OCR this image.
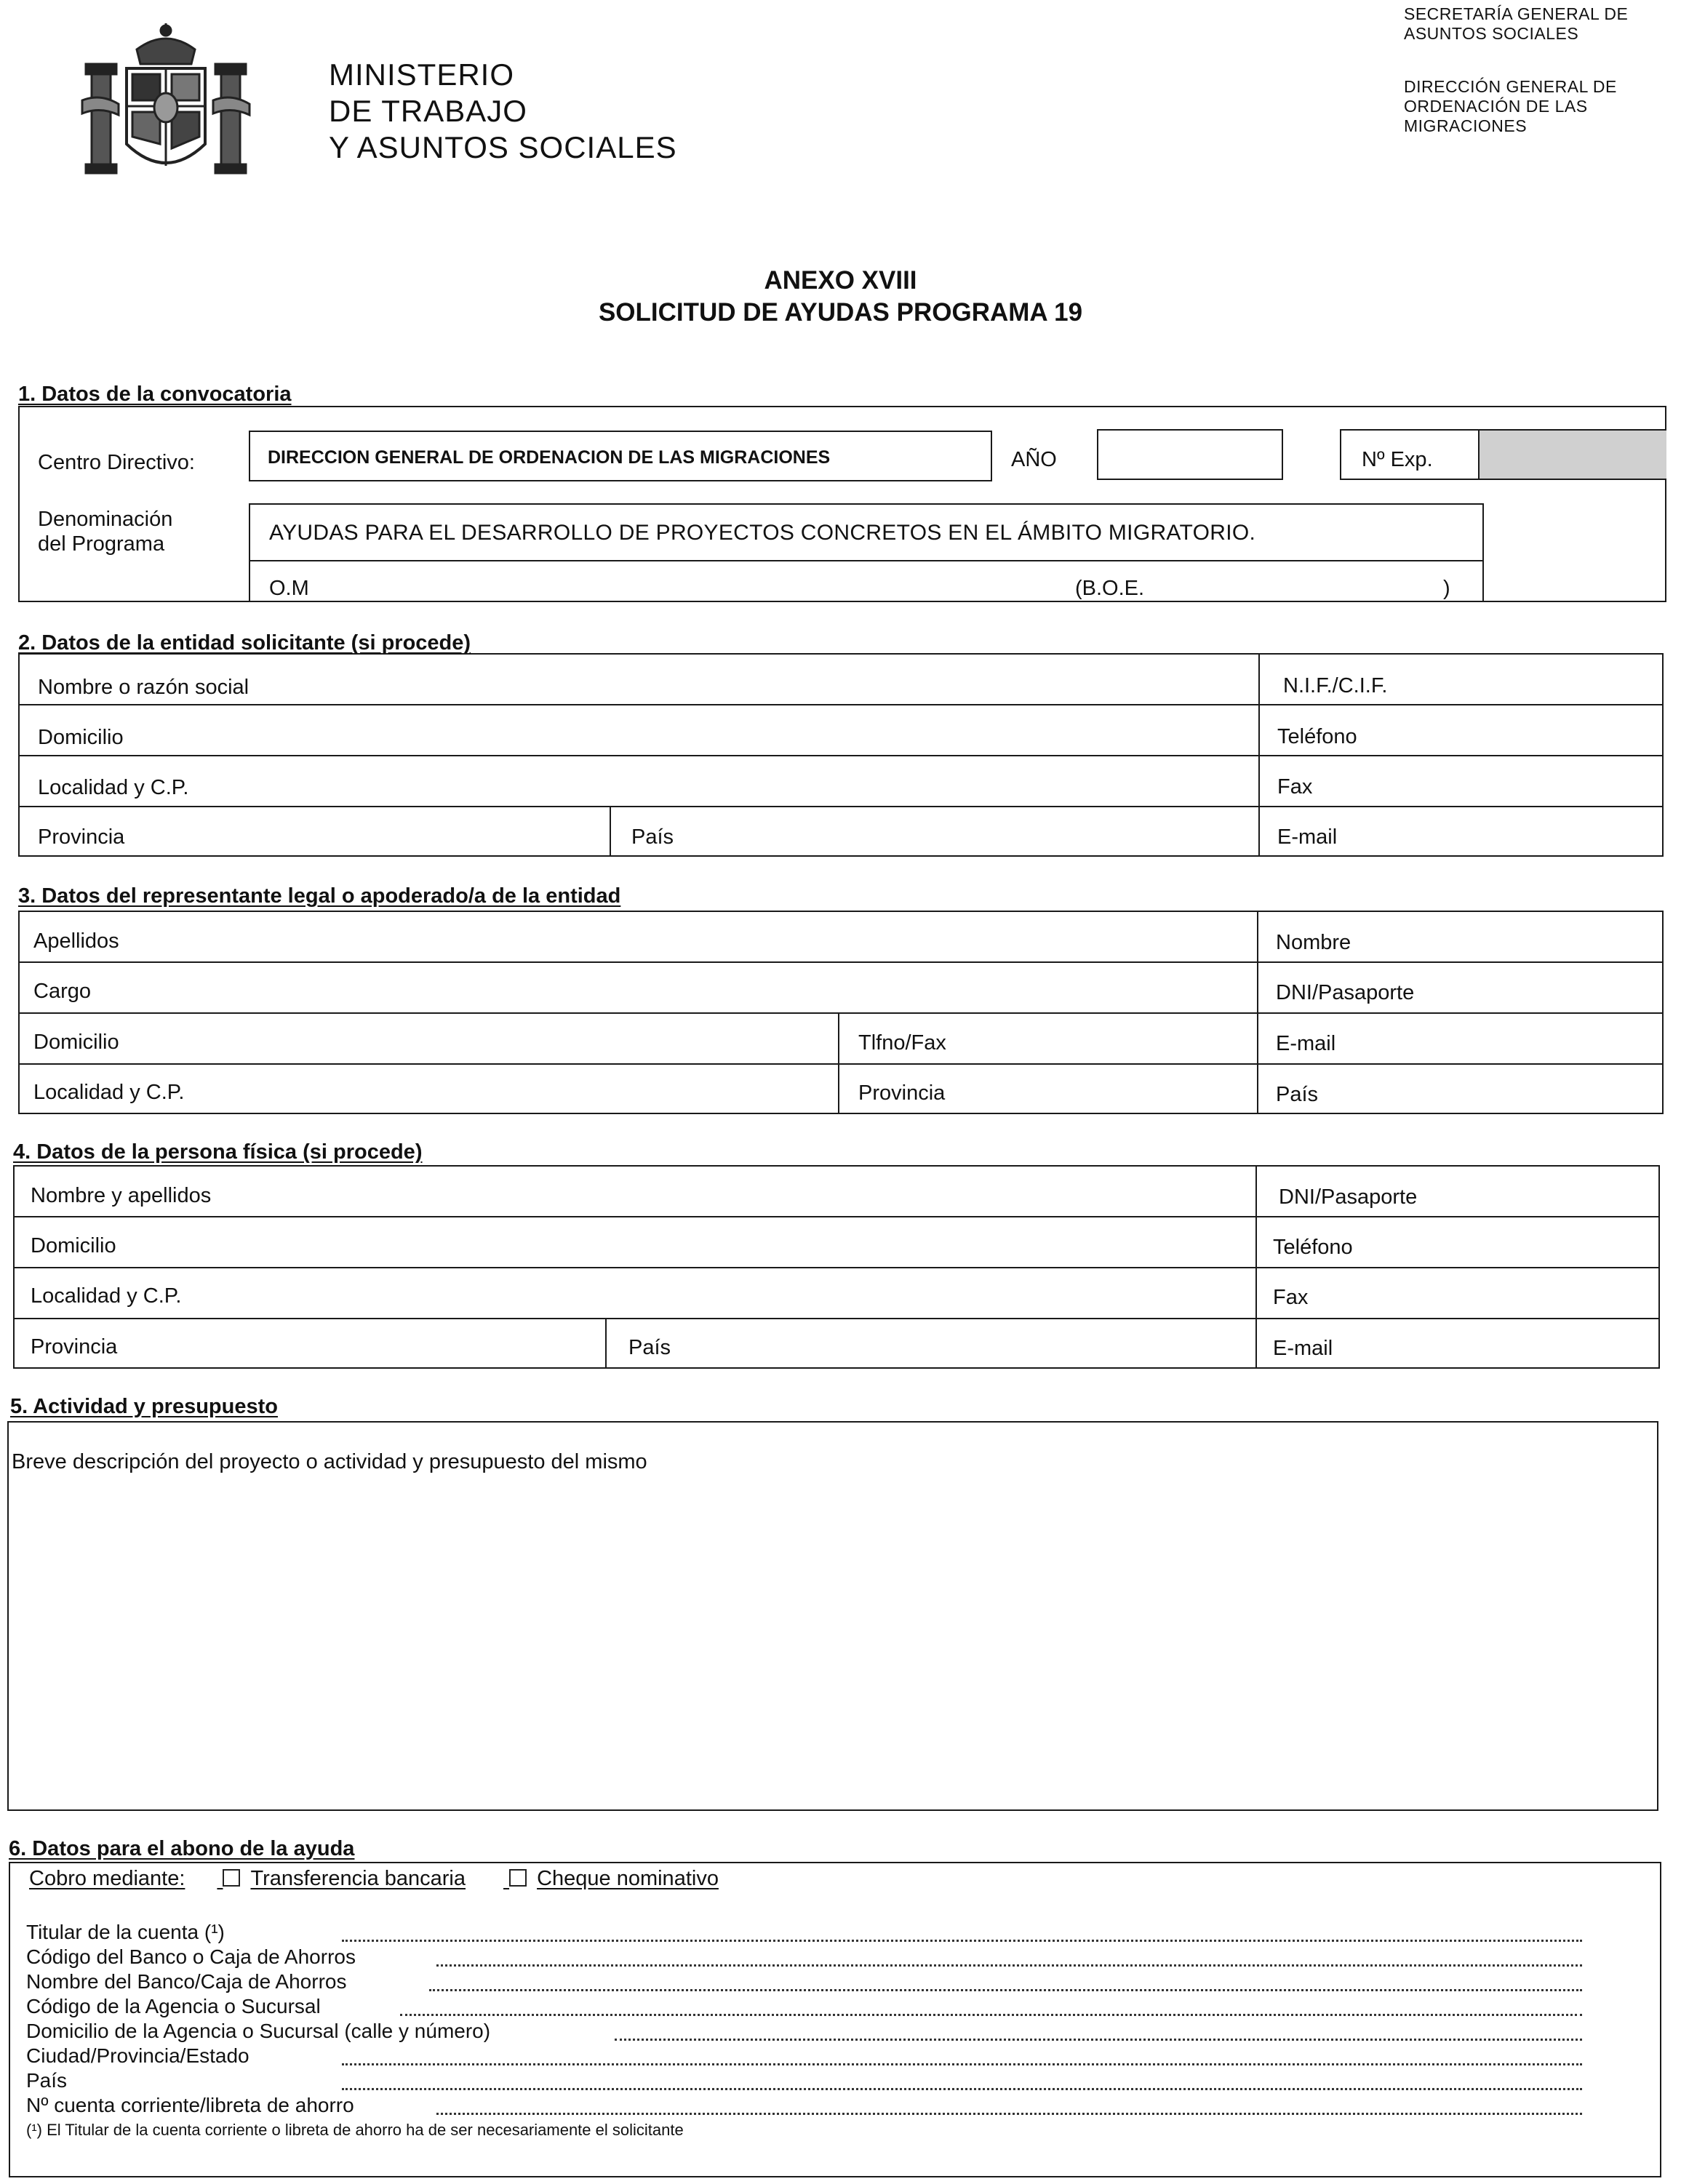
MINISTERIO
DE TRABAJO
Y ASUNTOS SOCIALES
SECRETARÍA GENERAL DE
ASUNTOS SOCIALES
DIRECCIÓN GENERAL DE
ORDENACIÓN DE LAS
MIGRACIONES
ANEXO XVIII
SOLICITUD DE AYUDAS PROGRAMA 19
1. Datos de la convocatoria
Centro Directivo:	DIRECCION GENERAL DE ORDENACION DE LAS MIGRACIONES	AÑO	Nº Exp.
Denominación
del Programa	AYUDAS PARA EL DESARROLLO DE PROYECTOS CONCRETOS EN EL ÁMBITO MIGRATORIO.
O.M	(B.O.E.	)
2. Datos de la entidad solicitante (si procede)
Nombre o razón social	N.I.F./C.I.F.
Domicilio	Teléfono
Localidad y C.P.	Fax
Provincia	País	E-mail
3. Datos del representante legal o apoderado/a de la entidad
Apellidos	Nombre
Cargo	DNI/Pasaporte
Domicilio	Tlfno/Fax	E-mail
Localidad y C.P.	Provincia	País
4. Datos de la persona física (si procede)
Nombre y apellidos	DNI/Pasaporte
Domicilio	Teléfono
Localidad y C.P.	Fax
Provincia	País	E-mail
5. Actividad y presupuesto
Breve descripción del proyecto o actividad y presupuesto del mismo
6. Datos para el abono de la ayuda
Cobro mediante:	Transferencia bancaria	Cheque nominativo
Titular de la cuenta (¹)
Código del Banco o Caja de Ahorros
Nombre del Banco/Caja de Ahorros
Código de la Agencia o Sucursal
Domicilio de la Agencia o Sucursal (calle y número)
Ciudad/Provincia/Estado
País
Nº cuenta corriente/libreta de ahorro
(¹) El Titular de la cuenta corriente o libreta de ahorro ha de ser necesariamente el solicitante
